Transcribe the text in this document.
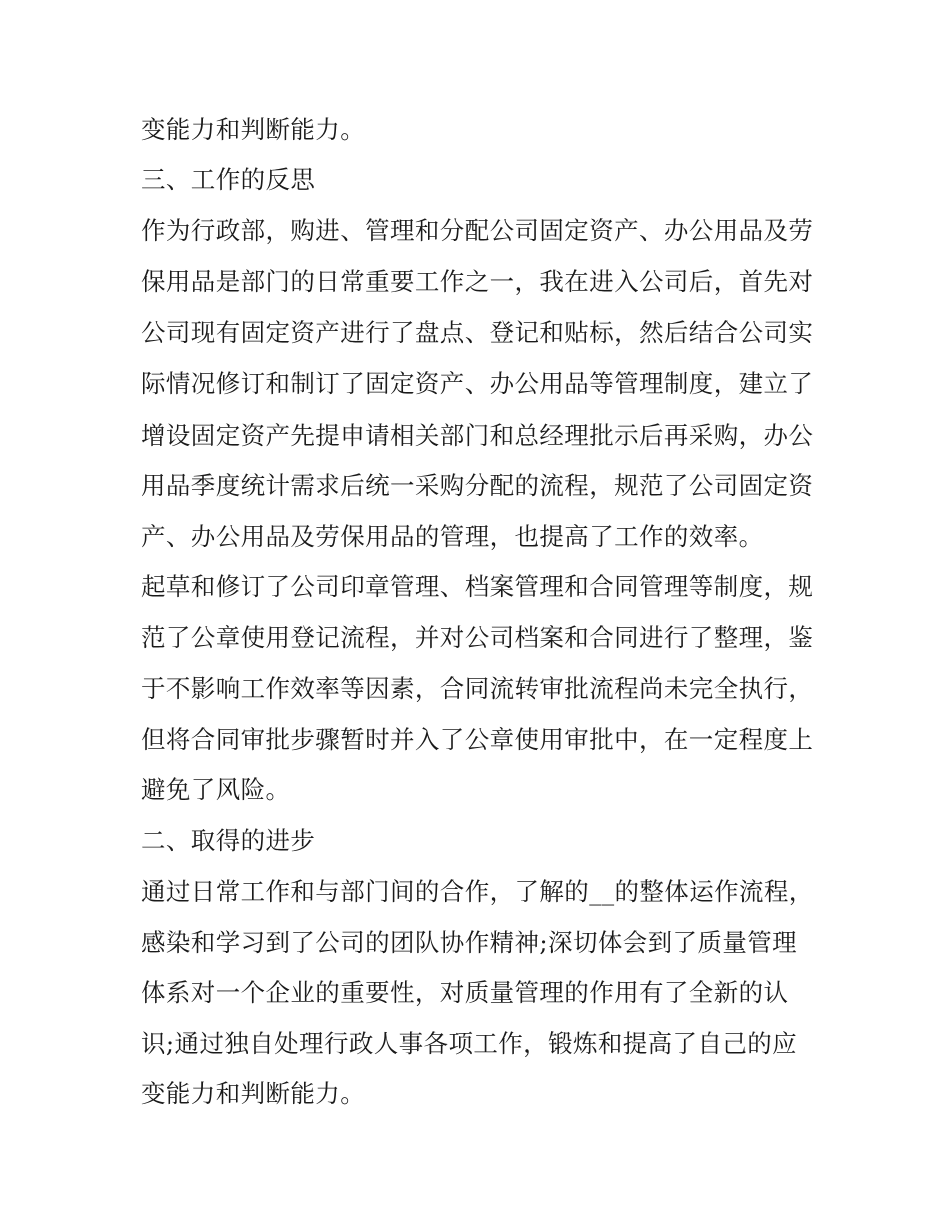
变能力和判断能力。

三、工作的反思

作为行政部，购进、管理和分配公司固定资产、办公用品及劳

保用品是部门的日常重要工作之一，我在进入公司后，首先对

公司现有固定资产进行了盘点、登记和贴标，然后结合公司实

际情况修订和制订了固定资产、办公用品等管理制度，建立了

增设固定资产先提申请相关部门和总经理批示后再采购，办公

用品季度统计需求后统一采购分配的流程，规范了公司固定资

产、办公用品及劳保用品的管理，也提高了工作的效率。

起草和修订了公司印章管理、档案管理和合同管理等制度，规

范了公章使用登记流程，并对公司档案和合同进行了整理，鉴

于不影响工作效率等因素，合同流转审批流程尚未完全执行，

但将合同审批步骤暂时并入了公章使用审批中，在一定程度上

避免了风险。

二、取得的进步

通过日常工作和与部门间的合作，了解的__的整体运作流程，

感染和学习到了公司的团队协作精神;深切体会到了质量管理

体系对一个企业的重要性，对质量管理的作用有了全新的认

识;通过独自处理行政人事各项工作，锻炼和提高了自己的应

变能力和判断能力。
